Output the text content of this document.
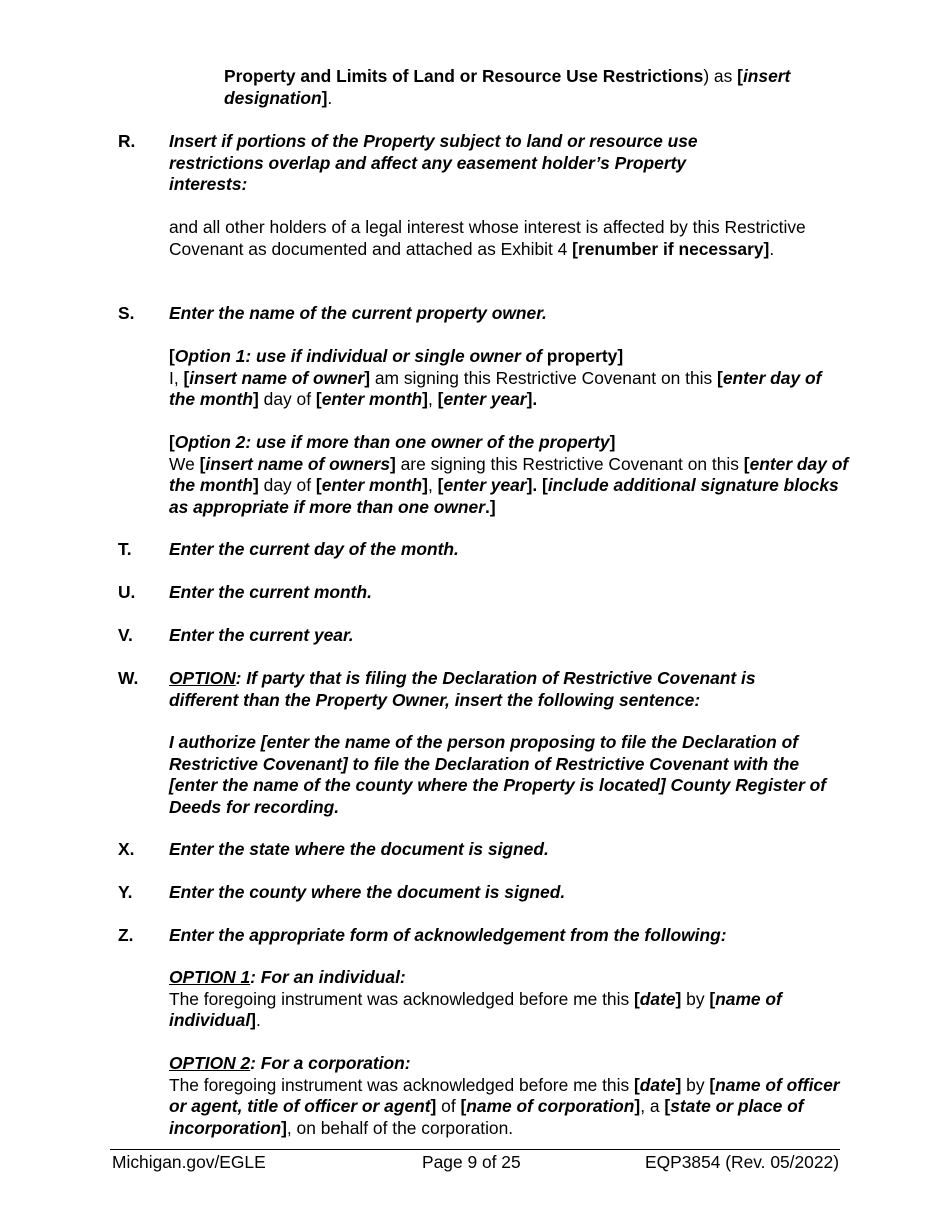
Property and Limits of Land or Resource Use Restrictions) as [insert designation].
R. Insert if portions of the Property subject to land or resource use restrictions overlap and affect any easement holder’s Property interests:
and all other holders of a legal interest whose interest is affected by this Restrictive Covenant as documented and attached as Exhibit 4 [renumber if necessary].
S. Enter the name of the current property owner.
[Option 1: use if individual or single owner of property]
I, [insert name of owner] am signing this Restrictive Covenant on this [enter day of the month] day of [enter month], [enter year].
[Option 2: use if more than one owner of the property]
We [insert name of owners] are signing this Restrictive Covenant on this [enter day of the month] day of [enter month], [enter year]. [include additional signature blocks as appropriate if more than one owner.]
T. Enter the current day of the month.
U. Enter the current month.
V. Enter the current year.
W. OPTION: If party that is filing the Declaration of Restrictive Covenant is different than the Property Owner, insert the following sentence:
I authorize [enter the name of the person proposing to file the Declaration of Restrictive Covenant] to file the Declaration of Restrictive Covenant with the [enter the name of the county where the Property is located] County Register of Deeds for recording.
X. Enter the state where the document is signed.
Y. Enter the county where the document is signed.
Z. Enter the appropriate form of acknowledgement from the following:
OPTION 1: For an individual:
The foregoing instrument was acknowledged before me this [date] by [name of individual].
OPTION 2: For a corporation:
The foregoing instrument was acknowledged before me this [date] by [name of officer or agent, title of officer or agent] of [name of corporation], a [state or place of incorporation], on behalf of the corporation.
Michigan.gov/EGLE	Page 9 of 25	EQP3854 (Rev. 05/2022)
